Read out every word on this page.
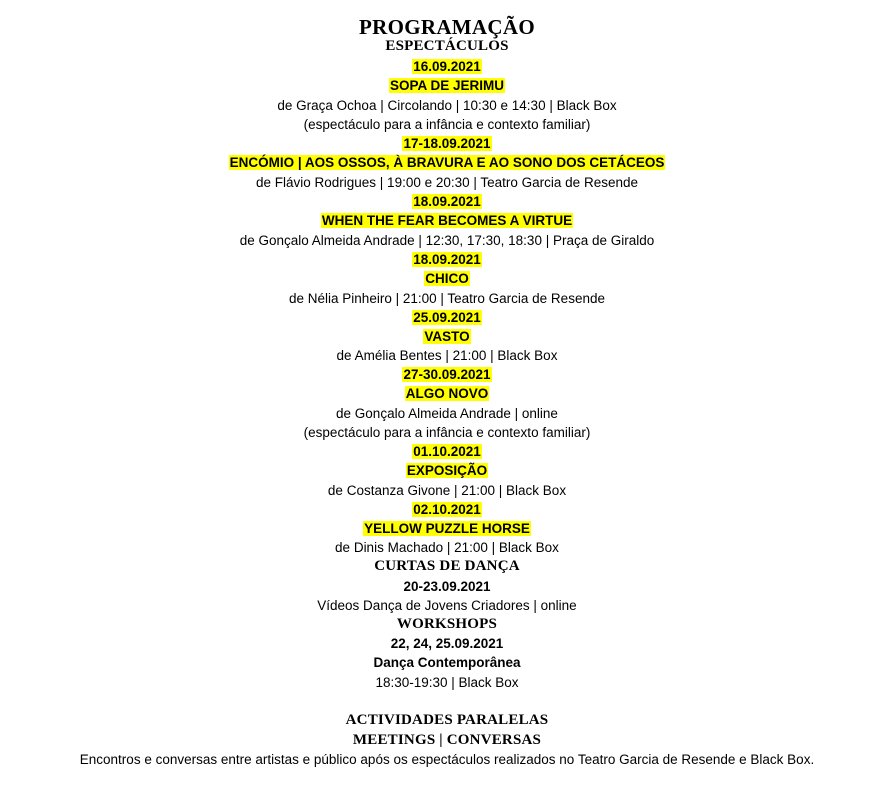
PROGRAMAÇÃO
ESPECTÁCULOS
16.09.2021
SOPA DE JERIMU
de Graça Ochoa | Circolando | 10:30 e 14:30 | Black Box
(espectáculo para a infância e contexto familiar)
17-18.09.2021
ENCÓMIO | AOS OSSOS, À BRAVURA E AO SONO DOS CETÁCEOS
de Flávio Rodrigues | 19:00 e 20:30 | Teatro Garcia de Resende
18.09.2021
WHEN THE FEAR BECOMES A VIRTUE
de Gonçalo Almeida Andrade | 12:30, 17:30, 18:30 | Praça de Giraldo
18.09.2021
CHICO
de Nélia Pinheiro | 21:00 | Teatro Garcia de Resende
25.09.2021
VASTO
de Amélia Bentes | 21:00 | Black Box
27-30.09.2021
ALGO NOVO
de Gonçalo Almeida Andrade | online
(espectáculo para a infância e contexto familiar)
01.10.2021
EXPOSIÇÃO
de Costanza Givone | 21:00 | Black Box
02.10.2021
YELLOW PUZZLE HORSE
de Dinis Machado | 21:00 | Black Box
CURTAS DE DANÇA
20-23.09.2021
Vídeos Dança de Jovens Criadores | online
WORKSHOPS
22, 24, 25.09.2021
Dança Contemporânea
18:30-19:30 | Black Box
ACTIVIDADES PARALELAS
MEETINGS | CONVERSAS
Encontros e conversas entre artistas e público após os espectáculos realizados no Teatro Garcia de Resende e Black Box.
